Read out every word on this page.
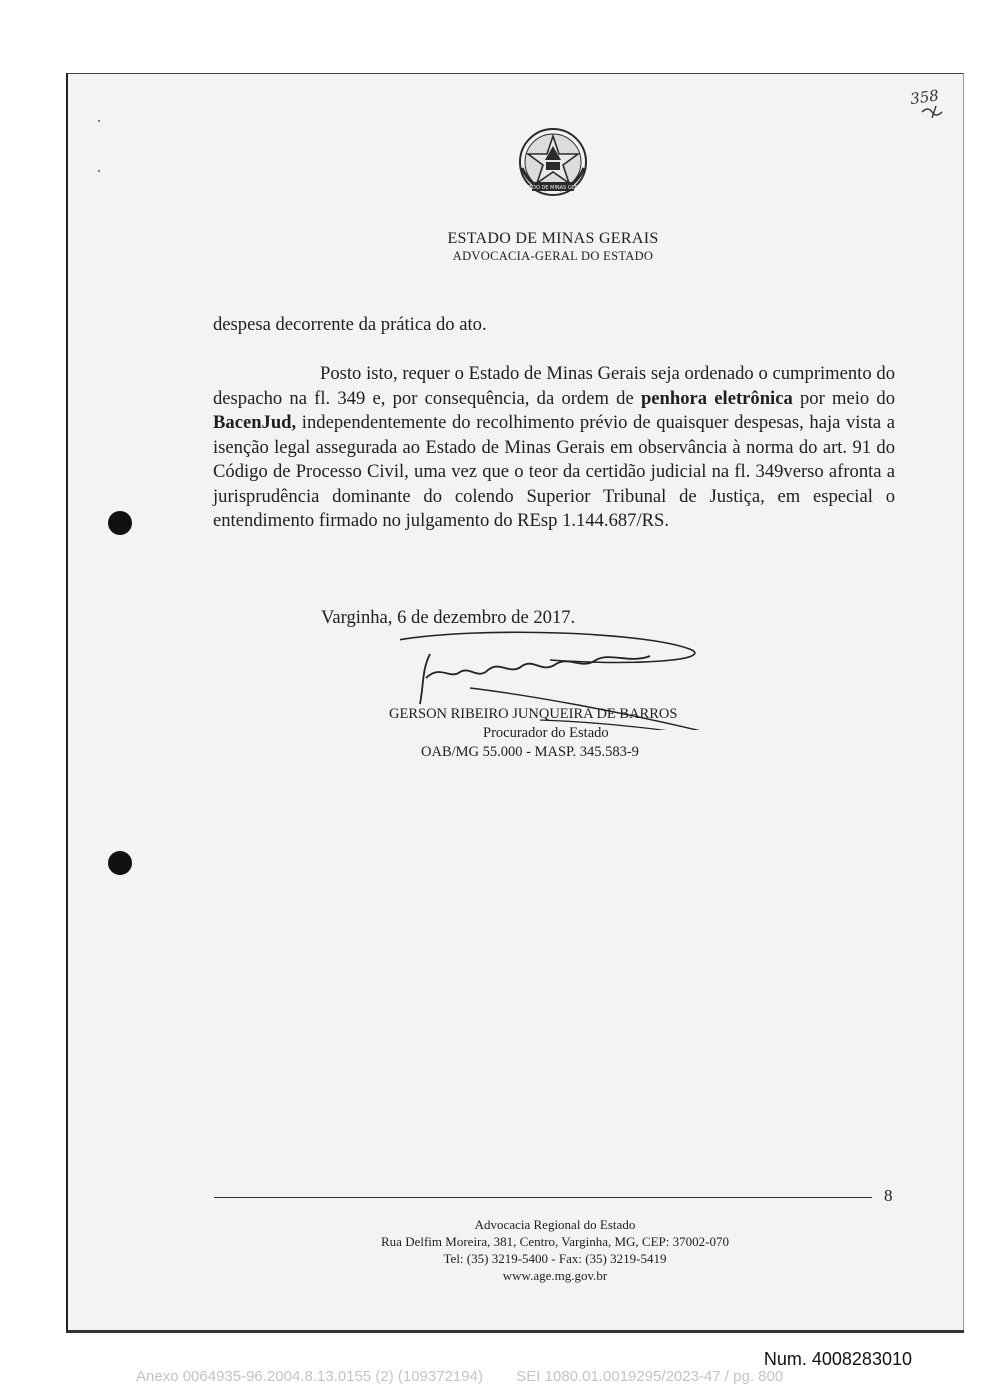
358
ESTADO DE MINAS GERAIS
ESTADO DE MINAS GERAIS
ADVOCACIA-GERAL DO ESTADO
despesa decorrente da prática do ato.
Posto isto, requer o Estado de Minas Gerais seja ordenado o cumprimento do despacho na fl. 349 e, por consequência, da ordem de penhora eletrônica por meio do BacenJud, independentemente do recolhimento prévio de quaisquer despesas, haja vista a isenção legal assegurada ao Estado de Minas Gerais em observância à norma do art. 91 do Código de Processo Civil, uma vez que o teor da certidão judicial na fl. 349verso afronta a jurisprudência dominante do colendo Superior Tribunal de Justiça, em especial o entendimento firmado no julgamento do REsp 1.144.687/RS.
Varginha, 6 de dezembro de 2017.
GERSON RIBEIRO JUNQUEIRA DE BARROS
Procurador do Estado
OAB/MG 55.000 - MASP. 345.583-9
8
Advocacia Regional do Estado
Rua Delfim Moreira, 381, Centro, Varginha, MG, CEP: 37002-070
Tel: (35) 3219-5400 - Fax: (35) 3219-5419
www.age.mg.gov.br
Num. 4008283010
Anexo 0064935-96.2004.8.13.0155 (2) (109372194)        SEI 1080.01.0019295/2023-47 / pg. 800
